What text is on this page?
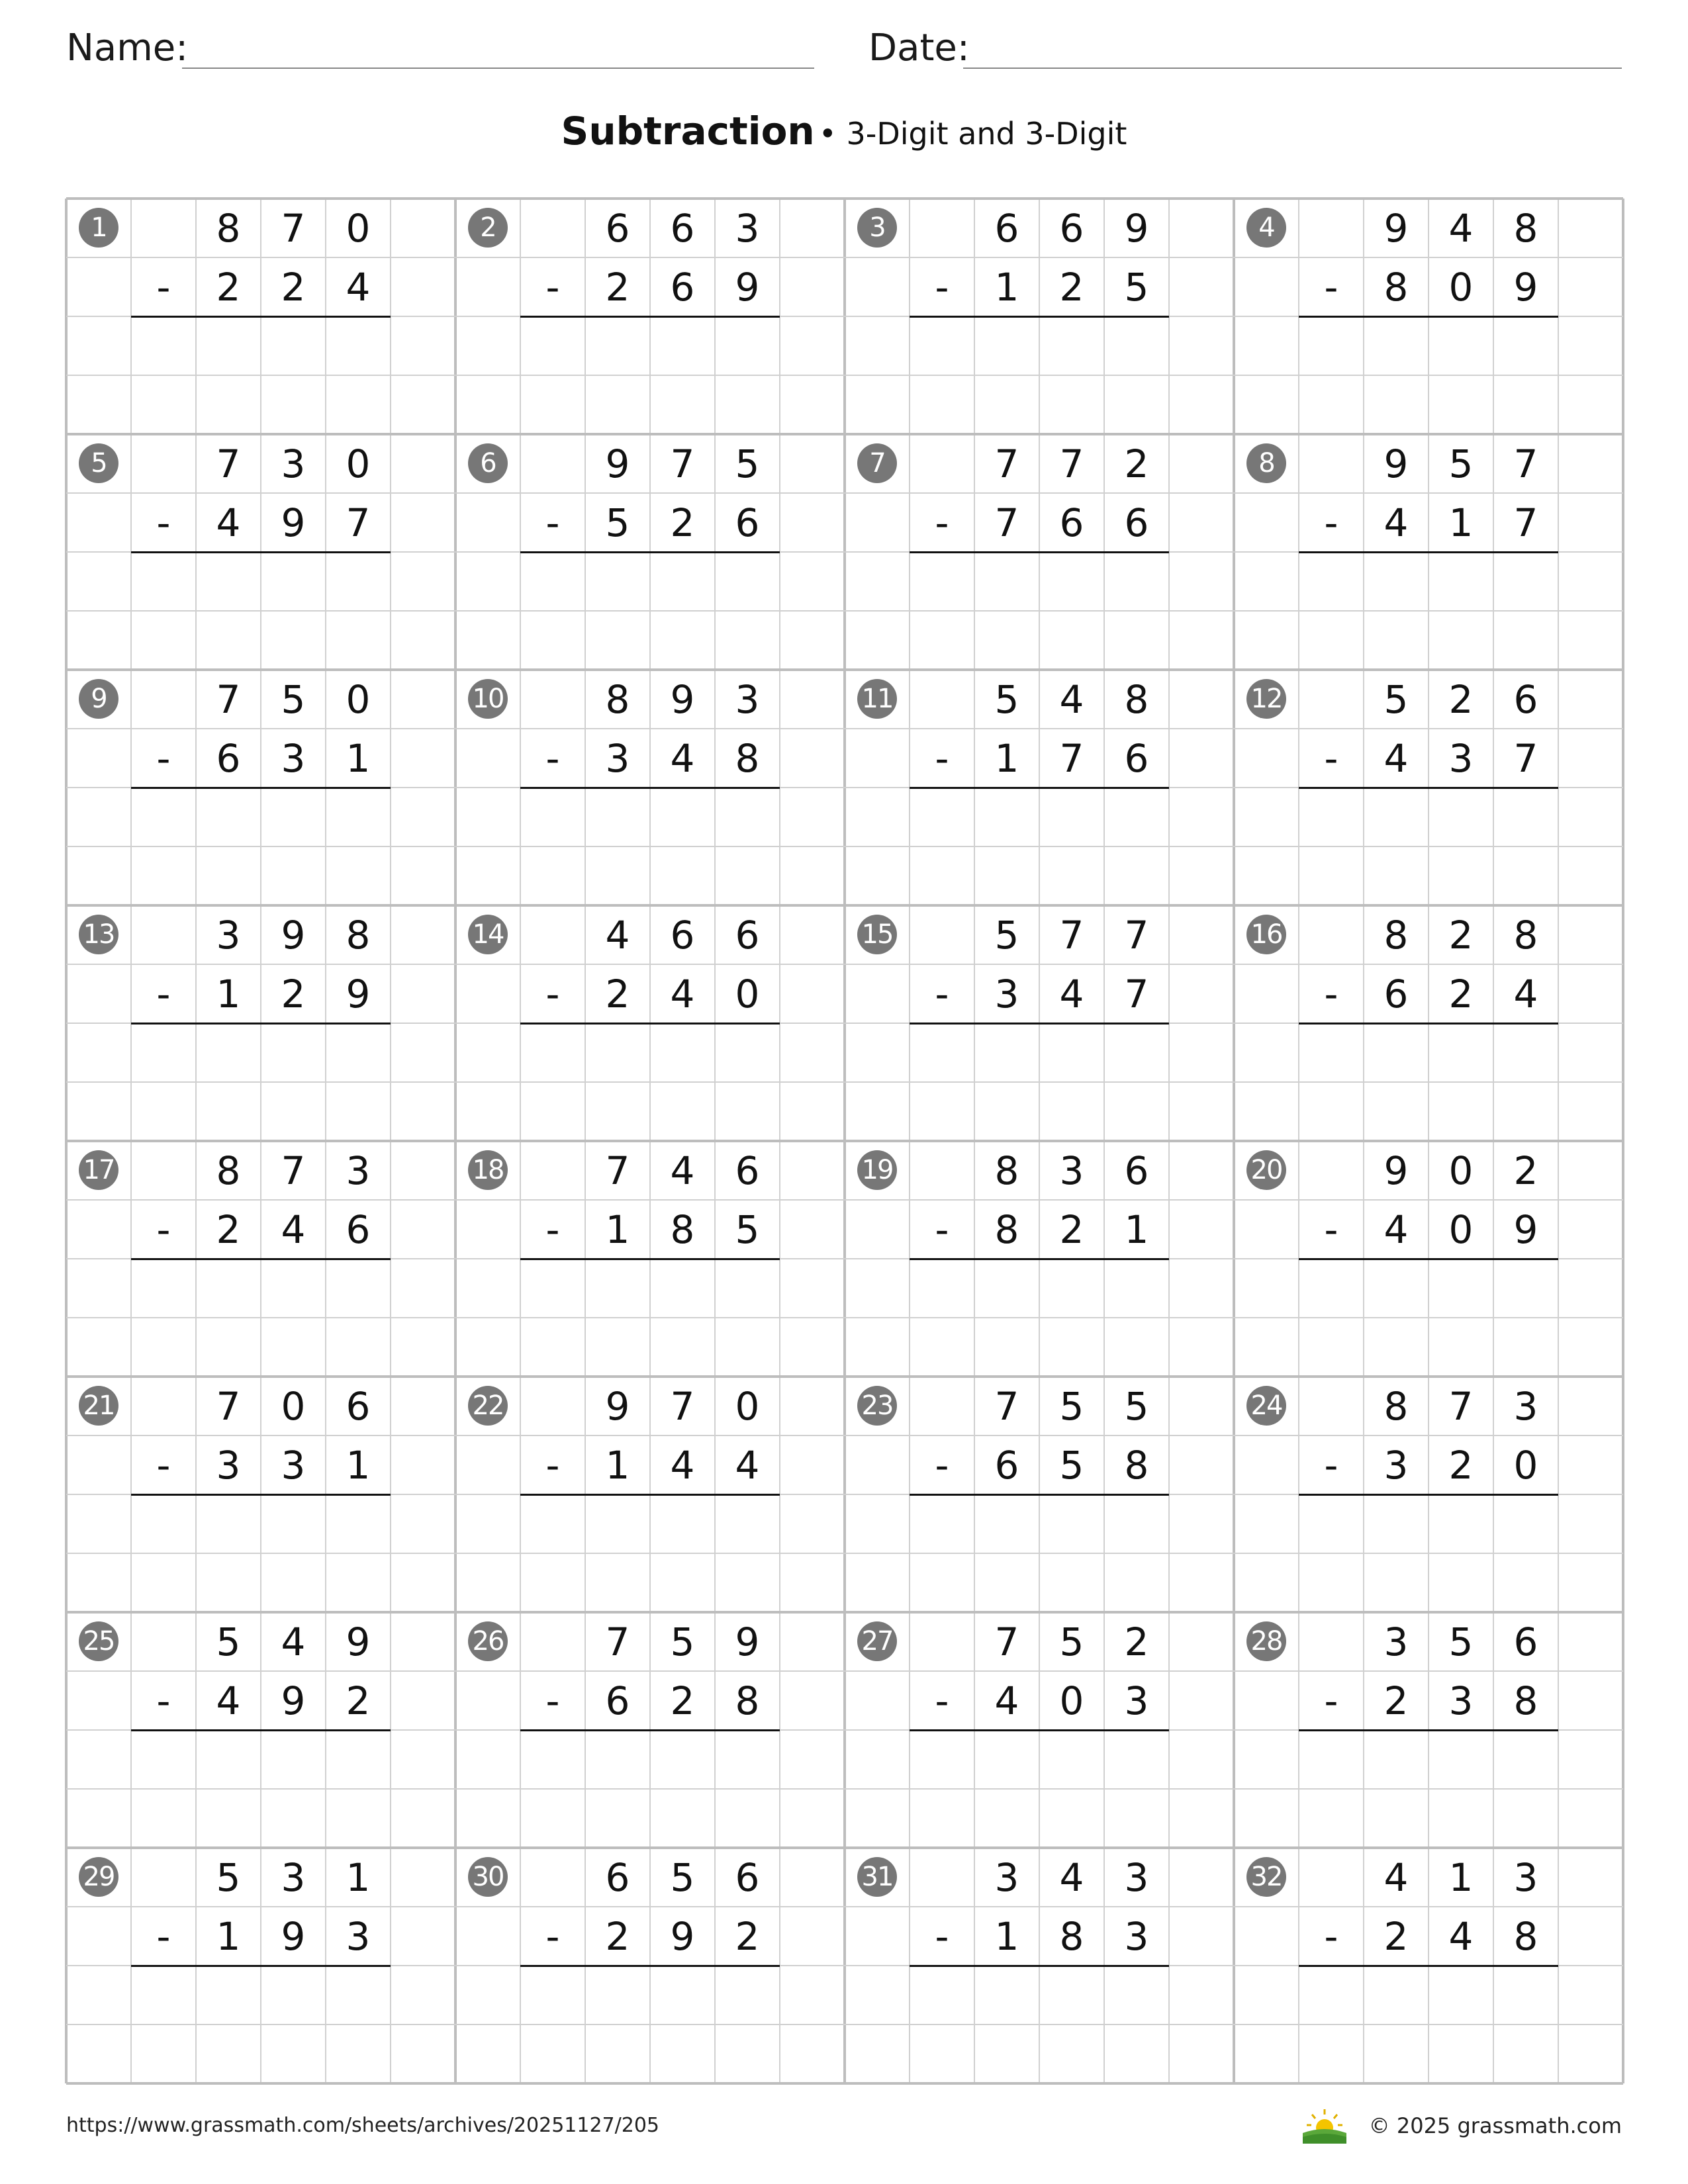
Name:	Date:
Subtraction • 3-Digit and 3-Digit
1	8	7	0
-	2	2	4
2	6	6	3
-	2	6	9
3	6	6	9
-	1	2	5
4	9	4	8
-	8	0	9
5	7	3	0
-	4	9	7
6	9	7	5
-	5	2	6
7	7	7	2
-	7	6	6
8	9	5	7
-	4	1	7
9	7	5	0
-	6	3	1
10	8	9	3
-	3	4	8
11	5	4	8
-	1	7	6
12	5	2	6
-	4	3	7
13	3	9	8
-	1	2	9
14	4	6	6
-	2	4	0
15	5	7	7
-	3	4	7
16	8	2	8
-	6	2	4
17	8	7	3
-	2	4	6
18	7	4	6
-	1	8	5
19	8	3	6
-	8	2	1
20	9	0	2
-	4	0	9
21	7	0	6
-	3	3	1
22	9	7	0
-	1	4	4
23	7	5	5
-	6	5	8
24	8	7	3
-	3	2	0
25	5	4	9
-	4	9	2
26	7	5	9
-	6	2	8
27	7	5	2
-	4	0	3
28	3	5	6
-	2	3	8
29	5	3	1
-	1	9	3
30	6	5	6
-	2	9	2
31	3	4	3
-	1	8	3
32	4	1	3
-	2	4	8
https://www.grassmath.com/sheets/archives/20251127/205	© 2025 grassmath.com
